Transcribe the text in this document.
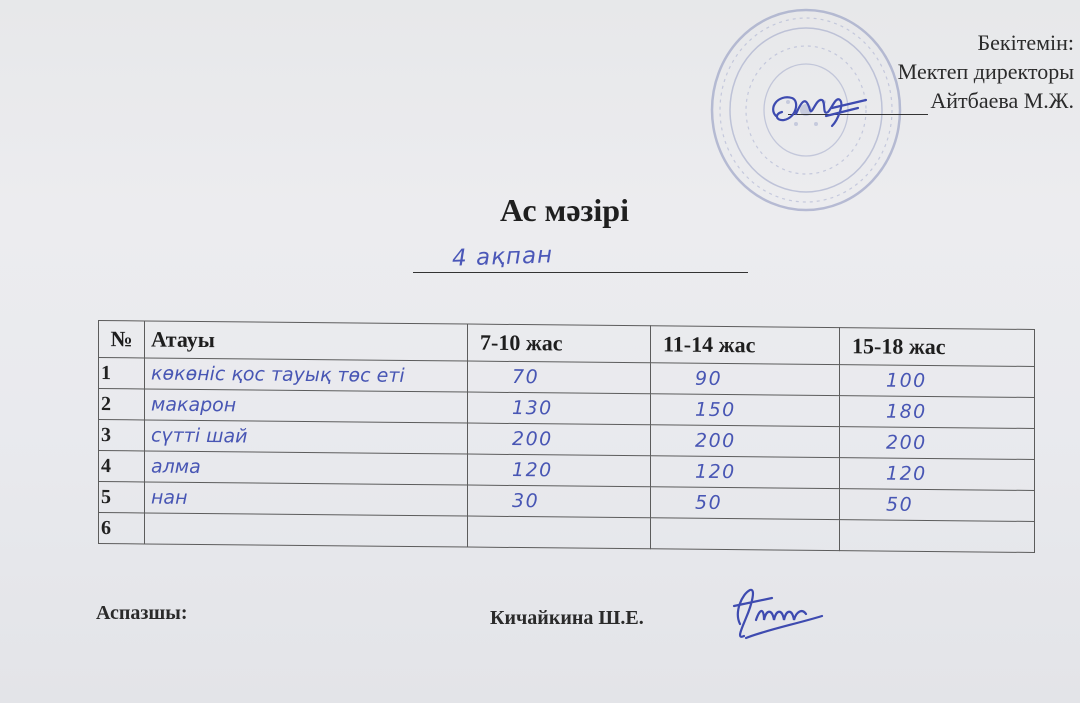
Бекітемін:
Мектеп директоры
Айтбаева М.Ж.
Ас мәзірі
4 ақпан
№	Атауы	7-10 жас	11-14 жас	15-18 жас
1	көкөніс қос тауық төс еті	70	90	100
2	макарон	130	150	180
3	сүтті шай	200	200	200
4	алма	120	120	120
5	нан	30	50	50
6				
Аспазшы:	Кичайкина Ш.Е.
